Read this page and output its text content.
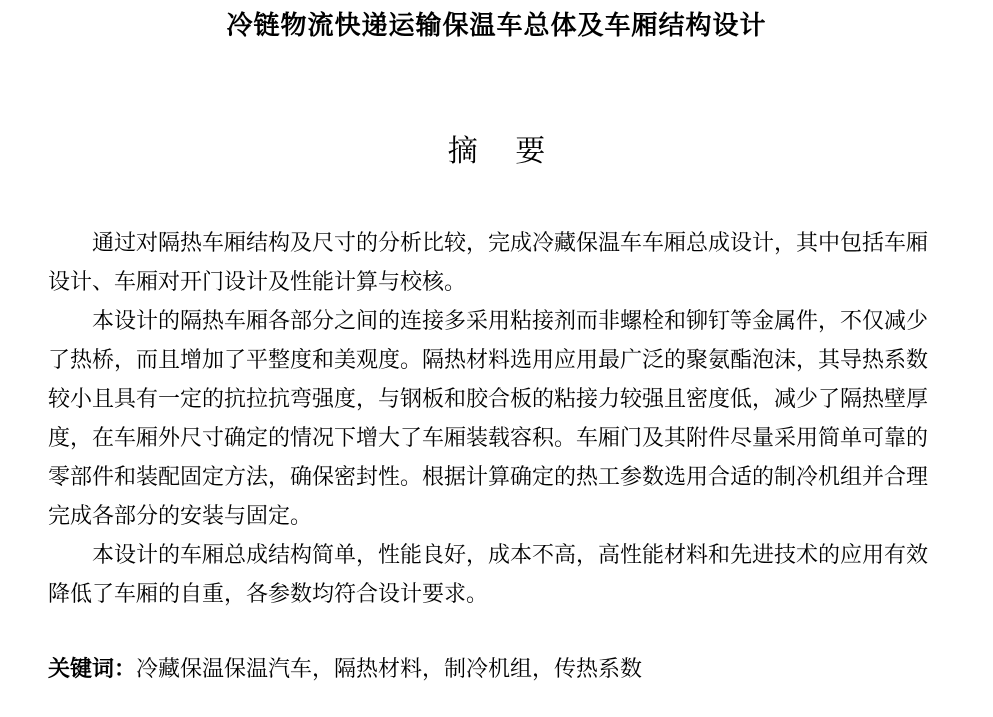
冷链物流快递运输保温车总体及车厢结构设计
摘 要

通过对隔热车厢结构及尺寸的分析比较，完成冷藏保温车车厢总成设计，其中包括车厢设计、车厢对开门设计及性能计算与校核。

本设计的隔热车厢各部分之间的连接多采用粘接剂而非螺栓和铆钉等金属件，不仅减少了热桥，而且增加了平整度和美观度。隔热材料选用应用最广泛的聚氨酯泡沫，其导热系数较小且具有一定的抗拉抗弯强度，与钢板和胶合板的粘接力较强且密度低，减少了隔热壁厚度，在车厢外尺寸确定的情况下增大了车厢装载容积。车厢门及其附件尽量采用简单可靠的零部件和装配固定方法，确保密封性。根据计算确定的热工参数选用合适的制冷机组并合理完成各部分的安装与固定。

本设计的车厢总成结构简单，性能良好，成本不高，高性能材料和先进技术的应用有效降低了车厢的自重，各参数均符合设计要求。

关键词：冷藏保温保温汽车，隔热材料，制冷机组，传热系数
